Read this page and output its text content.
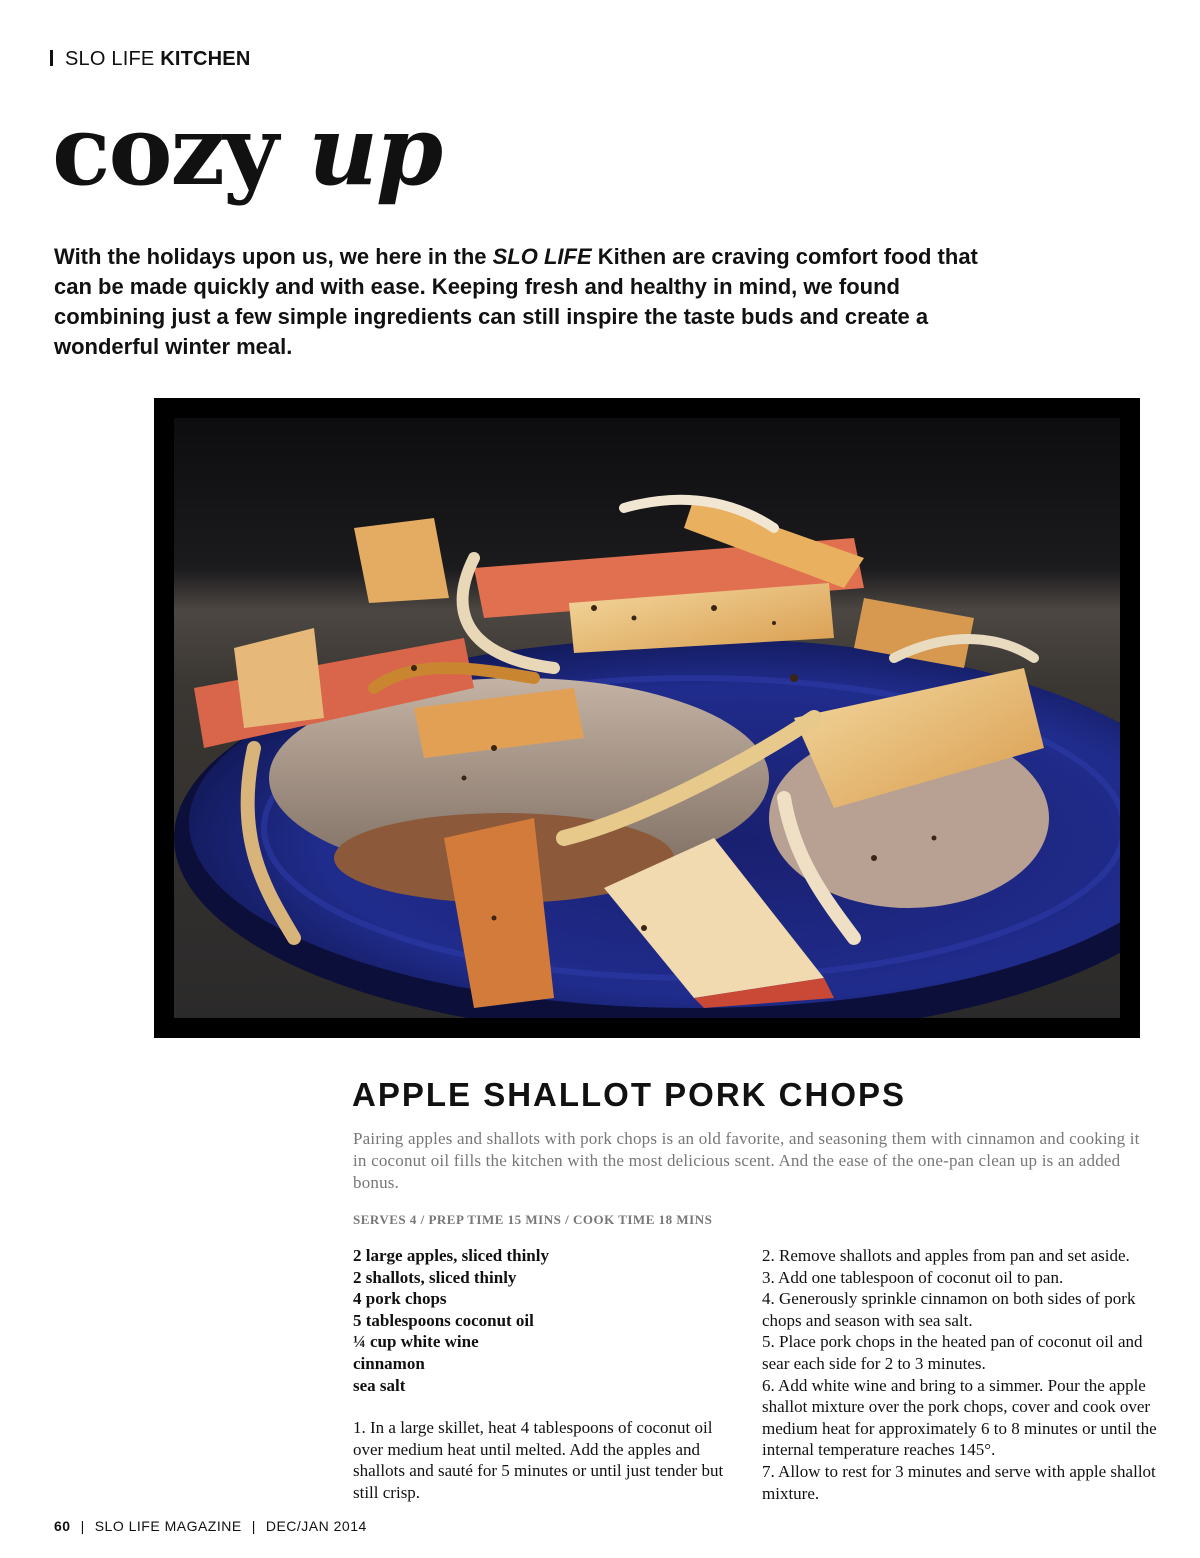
SLO LIFE KITCHEN
cozy up

With the holidays upon us, we here in the SLO LIFE Kithen are craving comfort food that can be made quickly and with ease. Keeping fresh and healthy in mind, we found combining just a few simple ingredients can still inspire the taste buds and create a wonderful winter meal.

APPLE SHALLOT PORK CHOPS

Pairing apples and shallots with pork chops is an old favorite, and seasoning them with cinnamon and cooking it in coconut oil fills the kitchen with the most delicious scent. And the ease of the one-pan clean up is an added bonus.

SERVES 4 / PREP TIME 15 MINS / COOK TIME 18 MINS

2 large apples, sliced thinly
2 shallots, sliced thinly
4 pork chops
5 tablespoons coconut oil
¼ cup white wine
cinnamon
sea salt

1. In a large skillet, heat 4 tablespoons of coconut oil over medium heat until melted. Add the apples and shallots and sauté for 5 minutes or until just tender but still crisp.

2. Remove shallots and apples from pan and set aside.

3. Add one tablespoon of coconut oil to pan.

4. Generously sprinkle cinnamon on both sides of pork chops and season with sea salt.

5. Place pork chops in the heated pan of coconut oil and sear each side for 2 to 3 minutes.

6. Add white wine and bring to a simmer. Pour the apple shallot mixture over the pork chops, cover and cook over medium heat for approximately 6 to 8 minutes or until the internal temperature reaches 145°.

7. Allow to rest for 3 minutes and serve with apple shallot mixture.

60 | SLO LIFE MAGAZINE | DEC/JAN 2014
